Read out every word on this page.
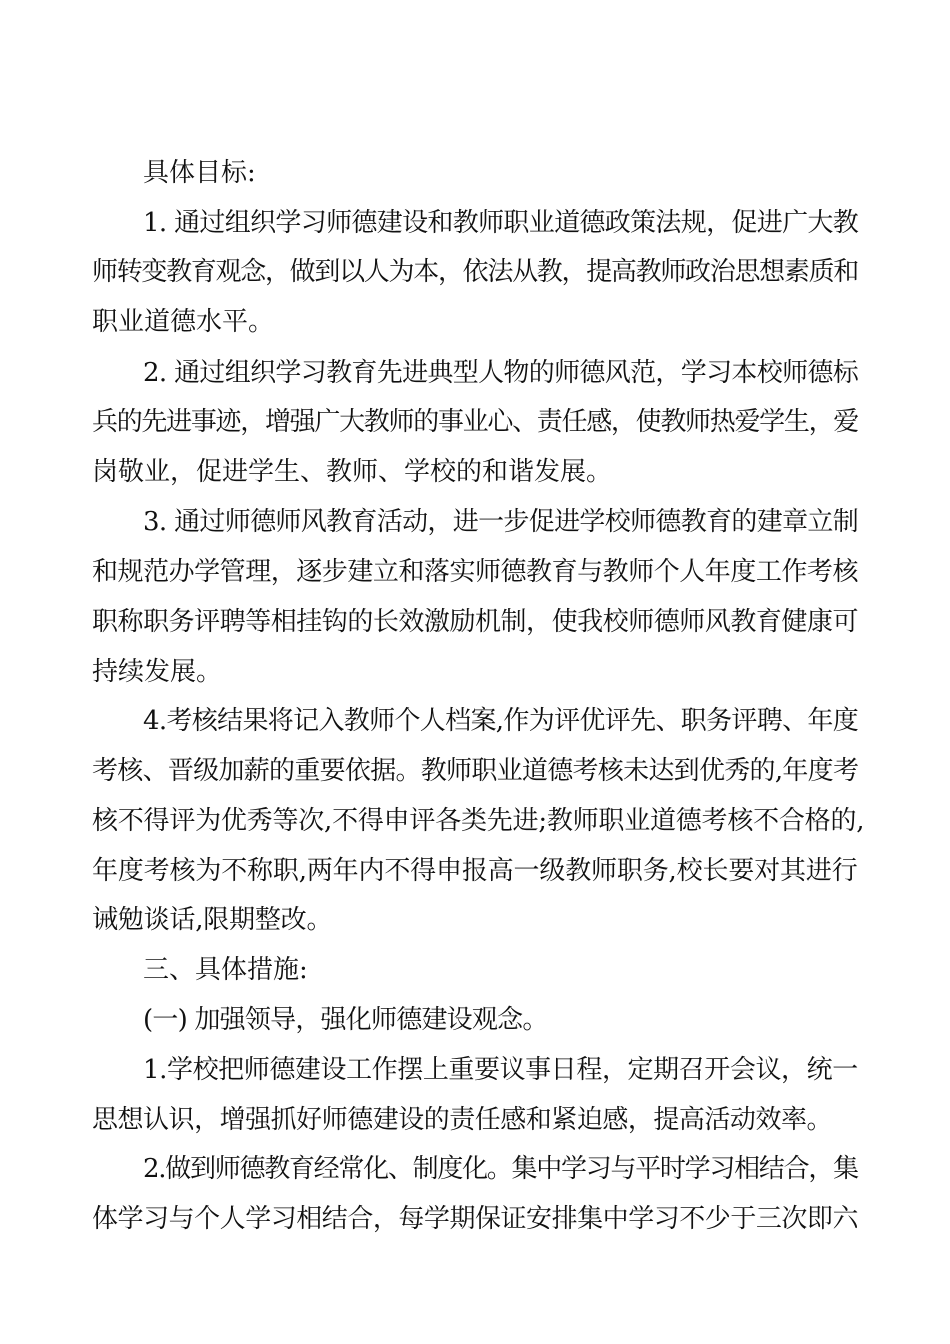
具体目标:
1. 通过组织学习师德建设和教师职业道德政策法规，促进广大教
师转变教育观念，做到以人为本，依法从教，提高教师政治思想素质和
职业道德水平。
2. 通过组织学习教育先进典型人物的师德风范，学习本校师德标
兵的先进事迹，增强广大教师的事业心、责任感，使教师热爱学生，爱
岗敬业，促进学生、教师、学校的和谐发展。
3. 通过师德师风教育活动，进一步促进学校师德教育的建章立制
和规范办学管理，逐步建立和落实师德教育与教师个人年度工作考核
职称职务评聘等相挂钩的长效激励机制，使我校师德师风教育健康可
持续发展。
4.考核结果将记入教师个人档案,作为评优评先、职务评聘、年度
考核、晋级加薪的重要依据。教师职业道德考核未达到优秀的,年度考
核不得评为优秀等次,不得申评各类先进;教师职业道德考核不合格的,
年度考核为不称职,两年内不得申报高一级教师职务,校长要对其进行
诫勉谈话,限期整改。
三、具体措施:
(一) 加强领导，强化师德建设观念。
1.学校把师德建设工作摆上重要议事日程，定期召开会议，统一
思想认识，增强抓好师德建设的责任感和紧迫感，提高活动效率。
2.做到师德教育经常化、制度化。集中学习与平时学习相结合，集
体学习与个人学习相结合，每学期保证安排集中学习不少于三次即六
